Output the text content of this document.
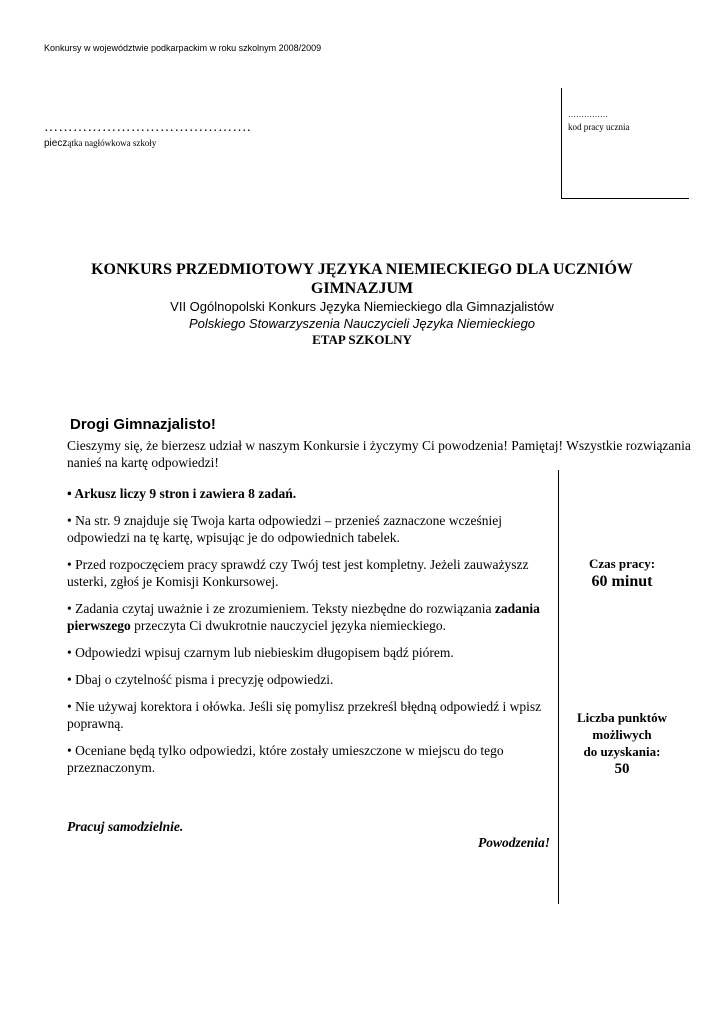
Konkursy w województwie podkarpackim w roku szkolnym 2008/2009
…………………………………….
pieczątka nagłówkowa szkoły
……………
kod pracy ucznia
KONKURS PRZEDMIOTOWY JĘZYKA NIEMIECKIEGO DLA UCZNIÓW
GIMNAZJUM
VII Ogólnopolski Konkurs Języka Niemieckiego dla Gimnazjalistów
Polskiego Stowarzyszenia Nauczycieli Języka Niemieckiego
ETAP SZKOLNY
Drogi Gimnazjalisto!
Cieszymy się, że bierzesz udział w naszym Konkursie i życzymy Ci powodzenia! Pamiętaj! Wszystkie rozwiązania nanieś na kartę odpowiedzi!
• Arkusz liczy 9 stron i zawiera 8 zadań.
• Na str. 9 znajduje się Twoja karta odpowiedzi – przenieś zaznaczone wcześniej odpowiedzi na tę kartę, wpisując je do odpowiednich tabelek.
• Przed rozpoczęciem pracy sprawdź czy Twój test jest kompletny. Jeżeli zauważyszz usterki, zgłoś je Komisji Konkursowej.
• Zadania czytaj uważnie i ze zrozumieniem. Teksty niezbędne do rozwiązania zadania pierwszego przeczyta Ci dwukrotnie nauczyciel języka niemieckiego.
• Odpowiedzi wpisuj czarnym lub niebieskim długopisem bądź piórem.
• Dbaj o czytelność pisma i precyzję odpowiedzi.
• Nie używaj korektora i ołówka. Jeśli się pomylisz przekreśl błędną odpowiedź i wpisz poprawną.
• Oceniane będą tylko odpowiedzi, które zostały umieszczone w miejscu do tego przeznaczonym.
Czas pracy:
60 minut
Liczba punktów
możliwych
do uzyskania:
50
Pracuj samodzielnie.
Powodzenia!
